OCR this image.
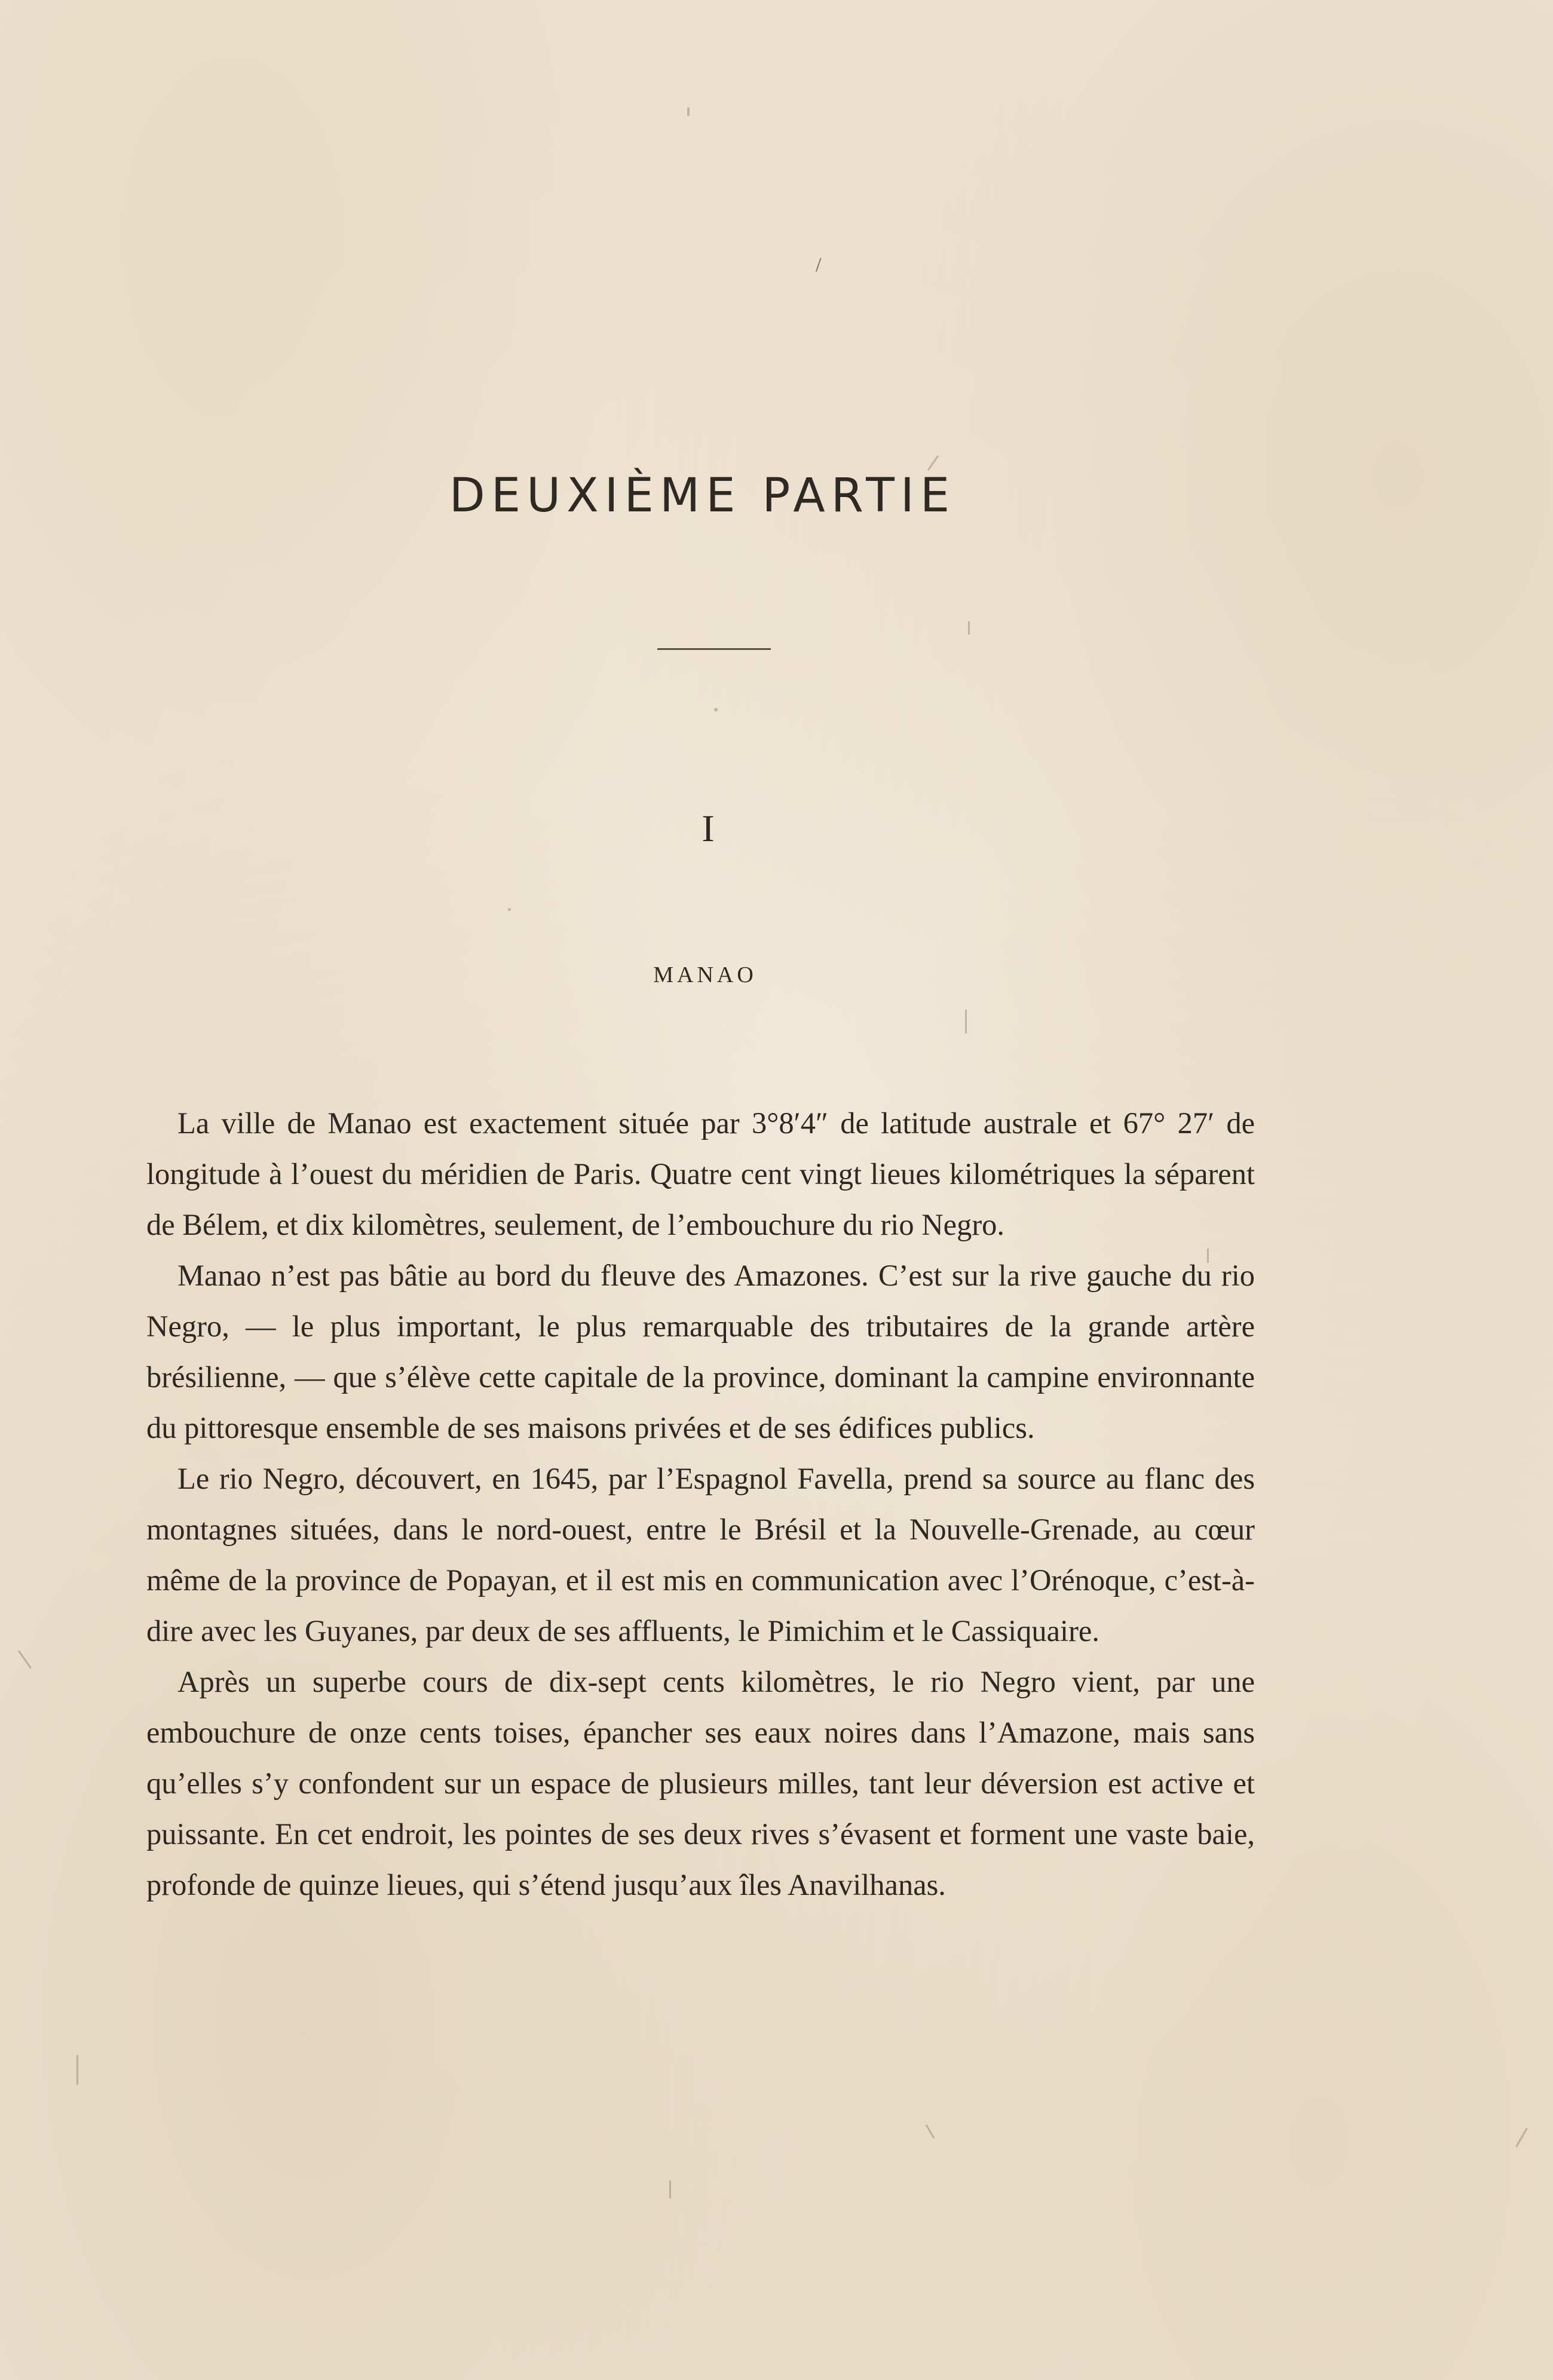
/
DEUXIÈME PARTIE
I
MANAO

La ville de Manao est exactement située par 3°8′4″ de latitude australe et 67° 27′ de longitude à l’ouest du méridien de Paris. Quatre cent vingt lieues kilométriques la séparent de Bélem, et dix kilomètres, seulement, de l’embouchure du rio Negro.

Manao n’est pas bâtie au bord du fleuve des Amazones. C’est sur la rive gauche du rio Negro, — le plus important, le plus remarquable des tributaires de la grande artère brésilienne, — que s’élève cette capitale de la province, dominant la campine environnante du pittoresque ensemble de ses maisons privées et de ses édifices publics.

Le rio Negro, découvert, en 1645, par l’Espagnol Favella, prend sa source au flanc des montagnes situées, dans le nord-ouest, entre le Brésil et la Nouvelle-Grenade, au cœur même de la province de Popayan, et il est mis en communication avec l’Orénoque, c’est-à-dire avec les Guyanes, par deux de ses affluents, le Pimichim et le Cassiquaire.

Après un superbe cours de dix-sept cents kilomètres, le rio Negro vient, par une embouchure de onze cents toises, épancher ses eaux noires dans l’Amazone, mais sans qu’elles s’y confondent sur un espace de plusieurs milles, tant leur déversion est active et puissante. En cet endroit, les pointes de ses deux rives s’évasent et forment une vaste baie, profonde de quinze lieues, qui s’étend jusqu’aux îles Anavilhanas.
